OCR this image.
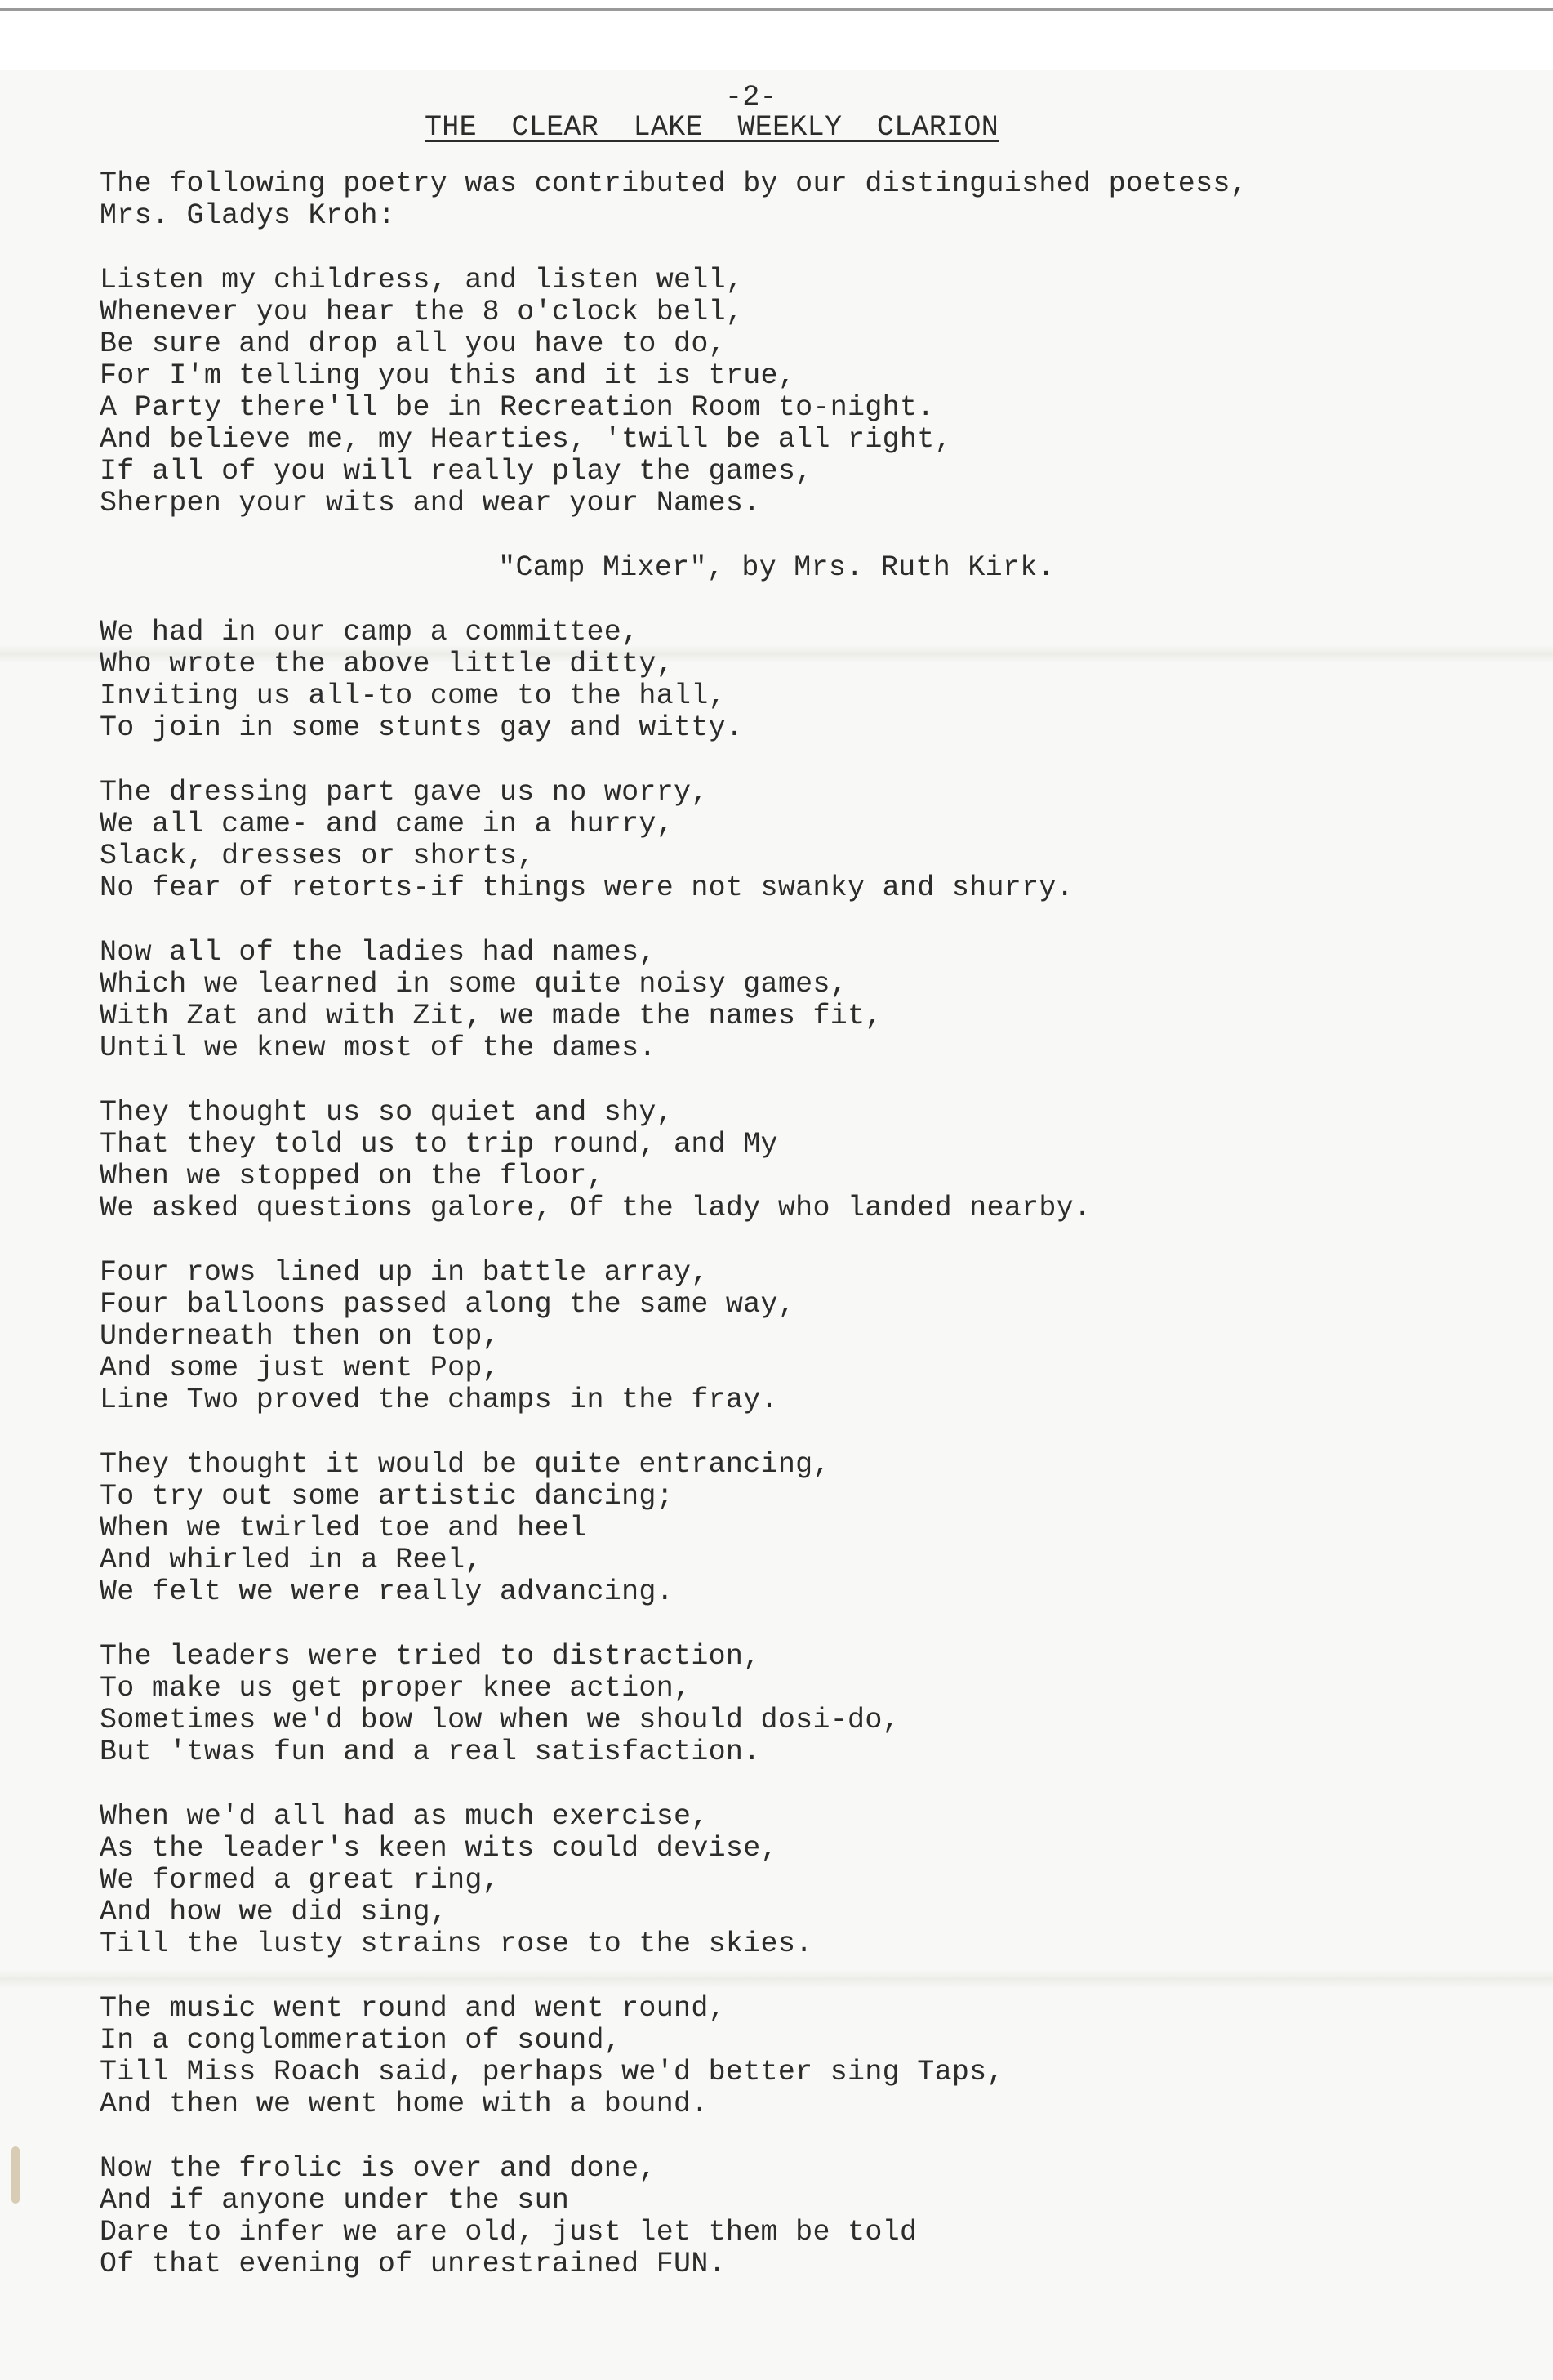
-2-
THE  CLEAR  LAKE  WEEKLY  CLARION
The following poetry was contributed by our distinguished poetess,
Mrs. Gladys Kroh:
Listen my childress, and listen well,
Whenever you hear the 8 o'clock bell,
Be sure and drop all you have to do,
For I'm telling you this and it is true,
A Party there'll be in Recreation Room to-night.
And believe me, my Hearties, 'twill be all right,
If all of you will really play the games,
Sherpen your wits and wear your Names.
"Camp Mixer", by Mrs. Ruth Kirk.
We had in our camp a committee,
Who wrote the above little ditty,
Inviting us all-to come to the hall,
To join in some stunts gay and witty.
The dressing part gave us no worry,
We all came- and came in a hurry,
Slack, dresses or shorts,
No fear of retorts-if things were not swanky and shurry.
Now all of the ladies had names,
Which we learned in some quite noisy games,
With Zat and with Zit, we made the names fit,
Until we knew most of the dames.
They thought us so quiet and shy,
That they told us to trip round, and My
When we stopped on the floor,
We asked questions galore, Of the lady who landed nearby.
Four rows lined up in battle array,
Four balloons passed along the same way,
Underneath then on top,
And some just went Pop,
Line Two proved the champs in the fray.
They thought it would be quite entrancing,
To try out some artistic dancing;
When we twirled toe and heel
And whirled in a Reel,
We felt we were really advancing.
The leaders were tried to distraction,
To make us get proper knee action,
Sometimes we'd bow low when we should dosi-do,
But 'twas fun and a real satisfaction.
When we'd all had as much exercise,
As the leader's keen wits could devise,
We formed a great ring,
And how we did sing,
Till the lusty strains rose to the skies.
The music went round and went round,
In a conglommeration of sound,
Till Miss Roach said, perhaps we'd better sing Taps,
And then we went home with a bound.
Now the frolic is over and done,
And if anyone under the sun
Dare to infer we are old, just let them be told
Of that evening of unrestrained FUN.
